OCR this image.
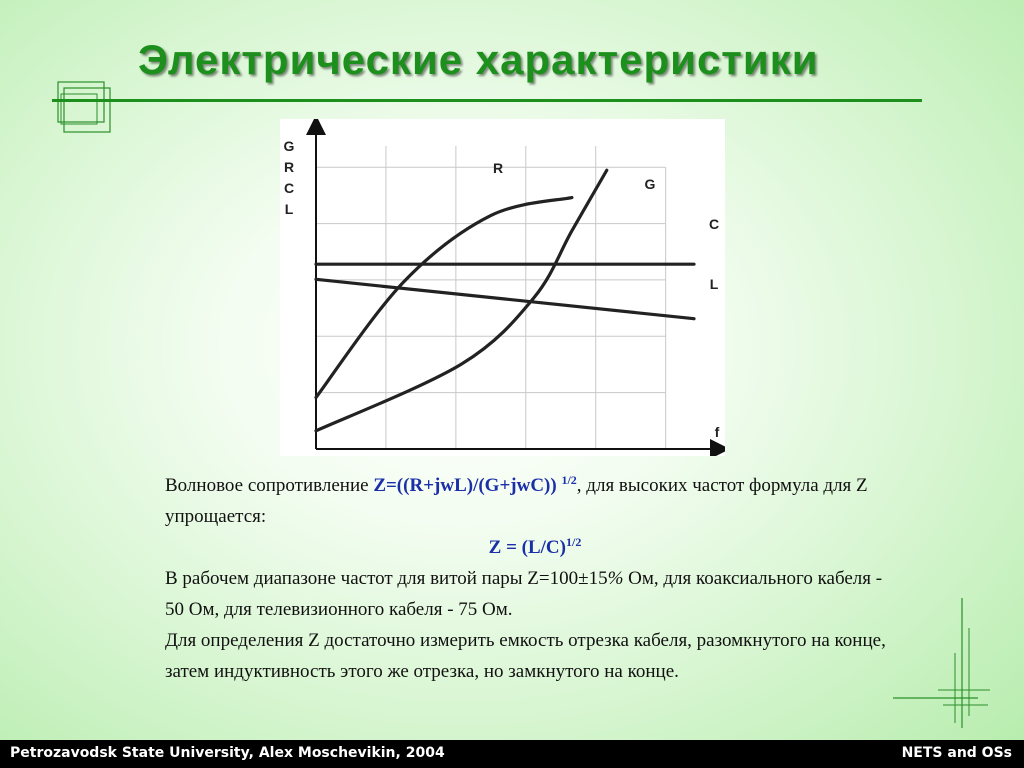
Электрические характеристики
R
G
C
L
G
R
C
L
f

Волновое сопротивление Z=((R+jwL)/(G+jwC)) $^{1/2}$, для высоких частот формула для Z упрощается:

$Z = (L/C)^{1/2}$

В рабочем диапазоне частот для витой пары Z=100±15% Ом, для коаксиального кабеля - 50 Ом, для телевизионного кабеля - 75 Ом.

Для определения Z достаточно измерить емкость отрезка кабеля, разомкнутого на конце, затем индуктивность этого же отрезка, но замкнутого на конце.

Petrozavodsk State University, Alex Moschevikin, 2004	NETS and OSs
